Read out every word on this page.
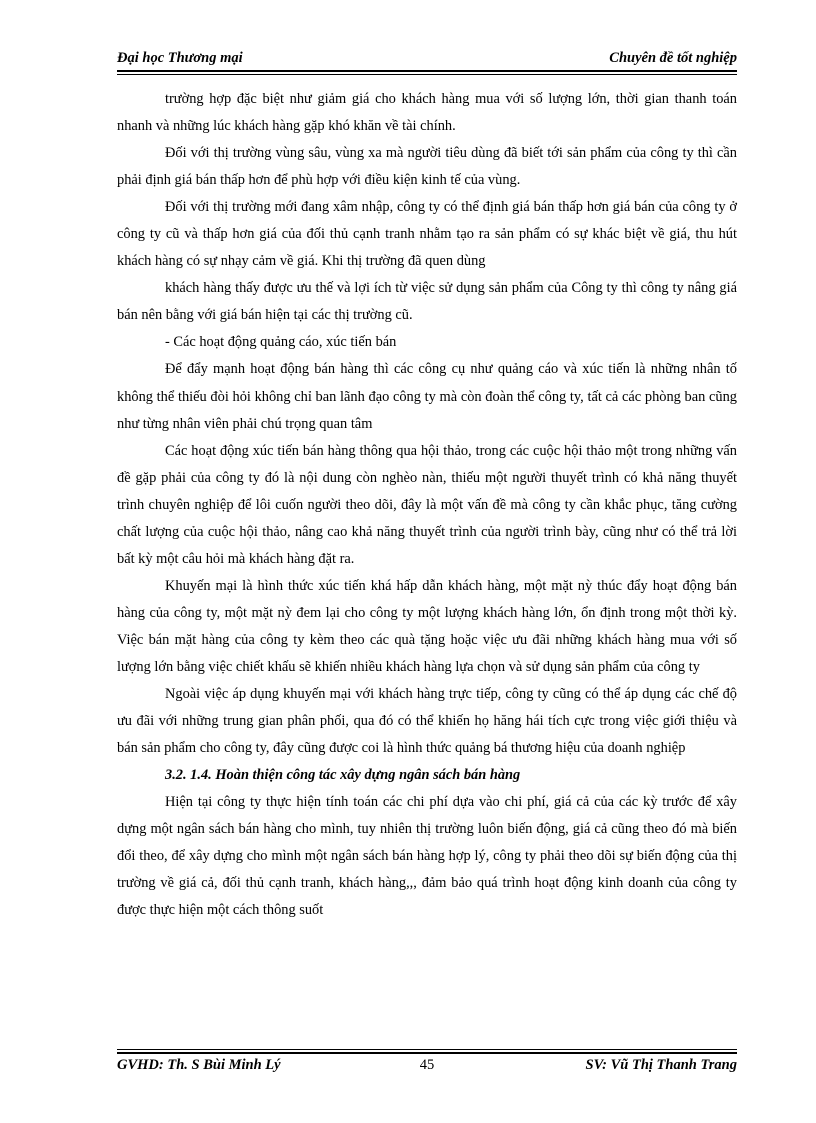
Đại học Thương mại	Chuyên đề tốt nghiệp

trường hợp đặc biệt như giảm giá cho khách hàng mua với số lượng lớn, thời gian thanh toán nhanh và những lúc khách hàng gặp khó khăn về tài chính.

Đối với thị trường vùng sâu, vùng xa mà người tiêu dùng đã biết tới sản phẩm của công ty thì cần phải định giá bán thấp hơn để phù hợp với điều kiện kinh tế của vùng.

Đối với thị trường mới đang xâm nhập, công ty có thể định giá bán thấp hơn giá bán của công ty ở công ty cũ và thấp hơn giá của đối thủ cạnh tranh nhằm tạo ra sản phẩm có sự khác biệt về giá, thu hút khách hàng có sự nhạy cảm về giá. Khi thị trường đã quen dùng

khách hàng thấy được ưu thế và lợi ích từ việc sử dụng sản phẩm của Công ty thì công ty nâng giá bán nên bằng với giá bán hiện tại các thị trường cũ.

- Các hoạt động quảng cáo, xúc tiến bán

Để đẩy mạnh hoạt động bán hàng thì các công cụ như quảng cáo và xúc tiến là những nhân tố không thể thiếu đòi hỏi không chỉ ban lãnh đạo công ty mà còn đoàn thể công ty, tất cả các phòng ban cũng như từng nhân viên phải chú trọng quan tâm

Các hoạt động xúc tiến bán hàng thông qua hội thảo, trong các cuộc hội thảo một trong những vấn đề gặp phải của công ty đó là nội dung còn nghèo nàn, thiếu một người thuyết trình có khả năng thuyết trình chuyên nghiệp để lôi cuốn người theo dõi, đây là một vấn đề mà công ty cần khắc phục, tăng cường chất lượng của cuộc hội thảo, nâng cao khả năng thuyết trình của người trình bày, cũng như có thể trả lời bất kỳ một câu hỏi mà khách hàng đặt ra.

Khuyến mại là hình thức xúc tiến khá hấp dẫn khách hàng, một mặt nỳ thúc đẩy hoạt động bán hàng của công ty, một mặt nỳ đem lại cho công ty một lượng khách hàng lớn, ổn định trong một thời kỳ. Việc bán mặt hàng của công ty kèm theo các quà tặng hoặc việc ưu đãi những khách hàng mua với số lượng lớn bằng việc chiết khấu sẽ khiến nhiều khách hàng lựa chọn và sử dụng sản phẩm của công ty

Ngoài việc áp dụng khuyến mại với khách hàng trực tiếp, công ty cũng có thể áp dụng các chế độ ưu đãi với những trung gian phân phối, qua đó có thể khiến họ hăng hái tích cực trong việc giới thiệu và bán sản phẩm cho công ty, đây cũng được coi là hình thức quảng bá thương hiệu của doanh nghiệp

3.2. 1.4. Hoàn thiện công tác xây dựng ngân sách bán hàng

Hiện tại công ty thực hiện tính toán các chi phí dựa vào chi phí, giá cả của các kỳ trước để xây dựng một ngân sách bán hàng cho mình, tuy nhiên thị trường luôn biến động, giá cả cũng theo đó mà biến đổi theo, để xây dựng cho mình một ngân sách bán hàng hợp lý, công ty phải theo dõi sự biến động của thị trường về giá cả, đối thủ cạnh tranh, khách hàng,,, đảm bảo quá trình hoạt động kinh doanh của công ty được thực hiện một cách thông suốt

GVHD: Th. S Bùi Minh Lý	45	SV: Vũ Thị Thanh Trang
